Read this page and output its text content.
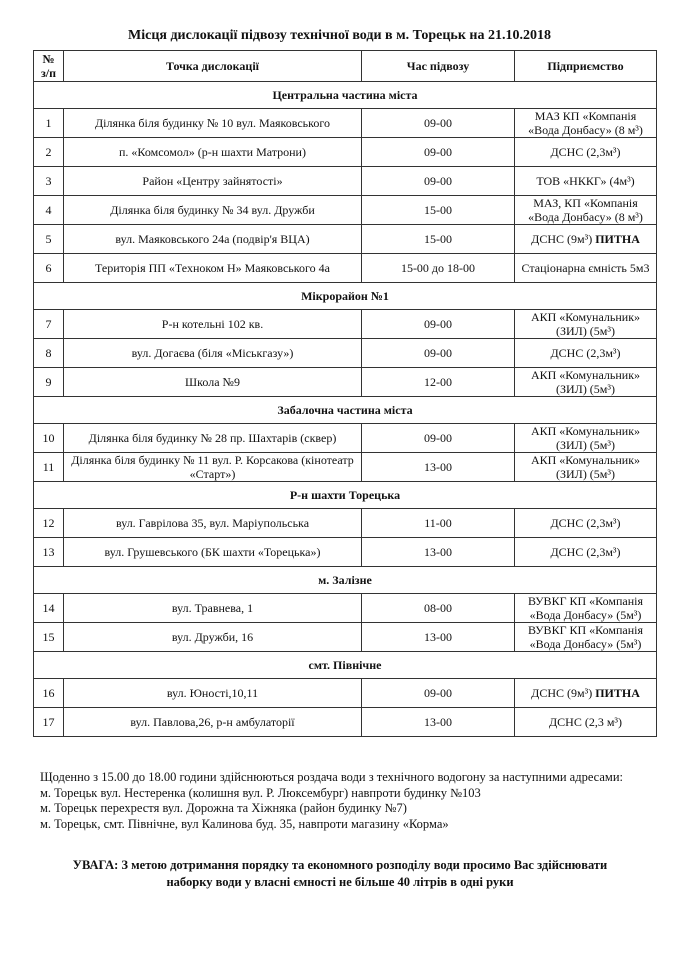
Місця дислокації підвозу технічної води в м. Торецьк на 21.10.2018
№ з/п	Точка дислокації	Час підвозу	Підприємство
Центральна частина міста			
1	Ділянка біля будинку № 10 вул. Маяковського	09-00	МАЗ КП «Компанія «Вода Донбасу» (8 м³)
2	п. «Комсомол» (р-н шахти Матрони)	09-00	ДСНС (2,3м³)
3	Район «Центру зайнятості»	09-00	ТОВ «НККГ» (4м³)
4	Ділянка біля будинку № 34 вул. Дружби	15-00	МАЗ, КП «Компанія «Вода Донбасу» (8 м³)
5	вул. Маяковського 24а (подвір'я ВЦА)	15-00	ДСНС (9м³) ПИТНА
6	Територія ПП «Техноком Н» Маяковського 4а	15-00 до 18-00	Стаціонарна ємність 5м3
Мікрорайон №1			
7	Р-н котельні 102 кв.	09-00	АКП «Комунальник» (ЗИЛ) (5м³)
8	вул. Догаєва (біля «Міськгазу»)	09-00	ДСНС (2,3м³)
9	Школа №9	12-00	АКП «Комунальник» (ЗИЛ) (5м³)
Забалочна частина міста			
10	Ділянка біля будинку № 28 пр. Шахтарів (сквер)	09-00	АКП «Комунальник» (ЗИЛ) (5м³)
11	Ділянка біля будинку № 11 вул. Р. Корсакова (кінотеатр «Старт»)	13-00	АКП «Комунальник» (ЗИЛ) (5м³)
Р-н шахти Торецька			
12	вул. Гаврілова 35, вул. Маріупольська	11-00	ДСНС (2,3м³)
13	вул. Грушевського (БК шахти «Торецька»)	13-00	ДСНС (2,3м³)
м. Залізне			
14	вул. Травнева, 1	08-00	ВУВКГ КП «Компанія «Вода Донбасу» (5м³)
15	вул. Дружби, 16	13-00	ВУВКГ КП «Компанія «Вода Донбасу» (5м³)
смт. Північне			
16	вул. Юності,10,11	09-00	ДСНС (9м³) ПИТНА
17	вул. Павлова,26, р-н амбулаторії	13-00	ДСНС (2,3 м³)
Щоденно з 15.00 до 18.00 години здійснюються роздача води з технічного водогону за наступними адресами:
м. Торецьк вул. Нестеренка (колишня вул. Р. Люксембург) навпроти будинку №103
м. Торецьк перехрестя вул. Дорожна та Хіжняка (район будинку №7)
м. Торецьк, смт. Північне, вул Калинова буд. 35, навпроти магазину «Корма»
УВАГА: З метою дотримання порядку та економного розподілу води просимо Вас здійснювати наборку води у власні ємності не більше 40 літрів в одні руки
